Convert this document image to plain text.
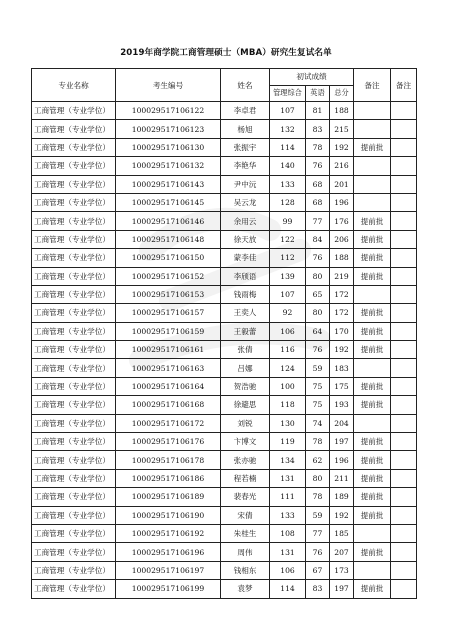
2019年商学院工商管理硕士（MBA）研究生复试名单
专业名称	考生编号	姓名	初试成绩			备注	备注
			管理综合	英语	总分		
工商管理（专业学位）	100029517106122	李卓君	107	81	188		
工商管理（专业学位）	100029517106123	杨旭	132	83	215		
工商管理（专业学位）	100029517106130	张振宇	114	78	192	提前批	
工商管理（专业学位）	100029517106132	李艳华	140	76	216		
工商管理（专业学位）	100029517106143	尹中沅	133	68	201		
工商管理（专业学位）	100029517106145	吴云龙	128	68	196		
工商管理（专业学位）	100029517106146	余用云	99	77	176	提前批	
工商管理（专业学位）	100029517106148	徐天放	122	84	206	提前批	
工商管理（专业学位）	100029517106150	蒙李佳	112	76	188	提前批	
工商管理（专业学位）	100029517106152	李颀语	139	80	219	提前批	
工商管理（专业学位）	100029517106153	钱雨梅	107	65	172		
工商管理（专业学位）	100029517106157	王奕人	92	80	172	提前批	
工商管理（专业学位）	100029517106159	王毅蕾	106	64	170	提前批	
工商管理（专业学位）	100029517106161	张倩	116	76	192	提前批	
工商管理（专业学位）	100029517106163	吕娜	124	59	183		
工商管理（专业学位）	100029517106164	贺浩驰	100	75	175	提前批	
工商管理（专业学位）	100029517106168	徐避思	118	75	193	提前批	
工商管理（专业学位）	100029517106172	刘锐	130	74	204		
工商管理（专业学位）	100029517106176	卞博文	119	78	197	提前批	
工商管理（专业学位）	100029517106178	张亦驰	134	62	196	提前批	
工商管理（专业学位）	100029517106186	程若楠	131	80	211	提前批	
工商管理（专业学位）	100029517106189	裴春光	111	78	189	提前批	
工商管理（专业学位）	100029517106190	宋倩	133	59	192	提前批	
工商管理（专业学位）	100029517106192	朱桂生	108	77	185		
工商管理（专业学位）	100029517106196	周伟	131	76	207	提前批	
工商管理（专业学位）	100029517106197	钱相东	106	67	173		
工商管理（专业学位）	100029517106199	袁梦	114	83	197	提前批	
